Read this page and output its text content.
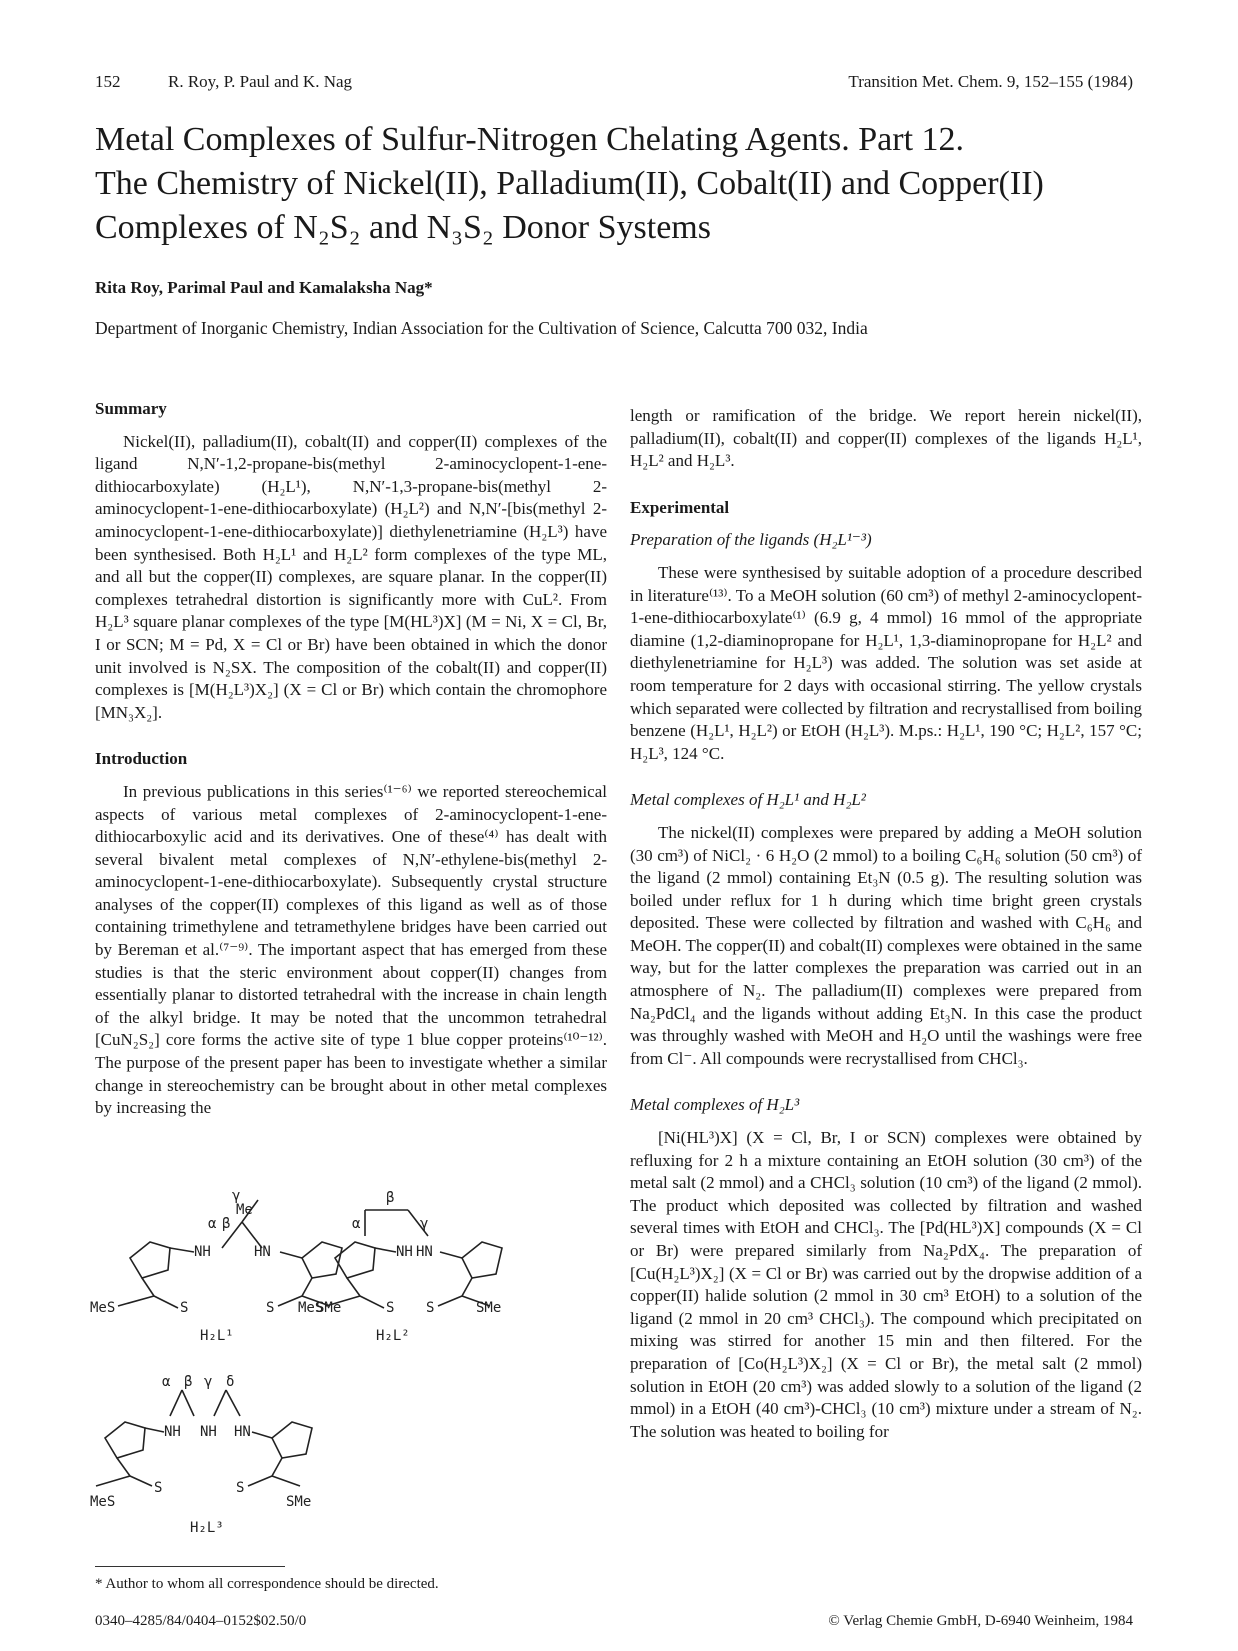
152	R. Roy, P. Paul and K. Nag	Transition Met. Chem. 9, 152–155 (1984)
Metal Complexes of Sulfur-Nitrogen Chelating Agents. Part 12.
The Chemistry of Nickel(II), Palladium(II), Cobalt(II) and Copper(II)
Complexes of N₂S₂ and N₃S₂ Donor Systems
Rita Roy, Parimal Paul and Kamalaksha Nag*
Department of Inorganic Chemistry, Indian Association for the Cultivation of Science, Calcutta 700 032, India

Summary

Nickel(II), palladium(II), cobalt(II) and copper(II) complexes of the ligand N,N′-1,2-propane-bis(methyl 2-aminocyclopent-1-ene-dithiocarboxylate) (H₂L¹), N,N′-1,3-propane-bis(methyl 2-aminocyclopent-1-ene-dithiocarboxylate) (H₂L²) and N,N′-[bis(methyl 2-aminocyclopent-1-ene-dithiocarboxylate)] diethylenetriamine (H₂L³) have been synthesised. Both H₂L¹ and H₂L² form complexes of the type ML, and all but the copper(II) complexes, are square planar. In the copper(II) complexes tetrahedral distortion is significantly more with CuL². From H₂L³ square planar complexes of the type [M(HL³)X] (M = Ni, X = Cl, Br, I or SCN; M = Pd, X = Cl or Br) have been obtained in which the donor unit involved is N₂SX. The composition of the cobalt(II) and copper(II) complexes is [M(H₂L³)X₂] (X = Cl or Br) which contain the chromophore [MN₃X₂].

Introduction

In previous publications in this series⁽¹⁻⁶⁾ we reported stereochemical aspects of various metal complexes of 2-aminocyclopent-1-ene-dithiocarboxylic acid and its derivatives. One of these⁽⁴⁾ has dealt with several bivalent metal complexes of N,N′-ethylene-bis(methyl 2-aminocyclopent-1-ene-dithiocarboxylate). Subsequently crystal structure analyses of the copper(II) complexes of this ligand as well as of those containing trimethylene and tetramethylene bridges have been carried out by Bereman et al.⁽⁷⁻⁹⁾. The important aspect that has emerged from these studies is that the steric environment about copper(II) changes from essentially planar to distorted tetrahedral with the increase in chain length of the alkyl bridge. It may be noted that the uncommon tetrahedral [CuN₂S₂] core forms the active site of type 1 blue copper proteins⁽¹⁰⁻¹²⁾. The purpose of the present paper has been to investigate whether a similar change in stereochemistry can be brought about in other metal complexes by increasing the

γ
Me
α β
NH	HN
S	S
MeS	SMe
H₂L¹
β
α	γ
NH HN
S S
MeS	SMe
H₂L²
α β γ δ
NH NH HN
S	S
MeS	SMe
H₂L³
* Author to whom all correspondence should be directed.
0340–4285/84/0404–0152$02.50/0	© Verlag Chemie GmbH, D-6940 Weinheim, 1984

length or ramification of the bridge. We report herein nickel(II), palladium(II), cobalt(II) and copper(II) complexes of the ligands H₂L¹, H₂L² and H₂L³.

Experimental

Preparation of the ligands (H₂L¹⁻³)

These were synthesised by suitable adoption of a procedure described in literature⁽¹³⁾. To a MeOH solution (60 cm³) of methyl 2-aminocyclopent-1-ene-dithiocarboxylate⁽¹⁾ (6.9 g, 4 mmol) 16 mmol of the appropriate diamine (1,2-diaminopropane for H₂L¹, 1,3-diaminopropane for H₂L² and diethylenetriamine for H₂L³) was added. The solution was set aside at room temperature for 2 days with occasional stirring. The yellow crystals which separated were collected by filtration and recrystallised from boiling benzene (H₂L¹, H₂L²) or EtOH (H₂L³). M.ps.: H₂L¹, 190 °C; H₂L², 157 °C; H₂L³, 124 °C.

Metal complexes of H₂L¹ and H₂L²

The nickel(II) complexes were prepared by adding a MeOH solution (30 cm³) of NiCl₂ · 6 H₂O (2 mmol) to a boiling C₆H₆ solution (50 cm³) of the ligand (2 mmol) containing Et₃N (0.5 g). The resulting solution was boiled under reflux for 1 h during which time bright green crystals deposited. These were collected by filtration and washed with C₆H₆ and MeOH. The copper(II) and cobalt(II) complexes were obtained in the same way, but for the latter complexes the preparation was carried out in an atmosphere of N₂. The palladium(II) complexes were prepared from Na₂PdCl₄ and the ligands without adding Et₃N. In this case the product was throughly washed with MeOH and H₂O until the washings were free from Cl⁻. All compounds were recrystallised from CHCl₃.

Metal complexes of H₂L³

[Ni(HL³)X] (X = Cl, Br, I or SCN) complexes were obtained by refluxing for 2 h a mixture containing an EtOH solution (30 cm³) of the metal salt (2 mmol) and a CHCl₃ solution (10 cm³) of the ligand (2 mmol). The product which deposited was collected by filtration and washed several times with EtOH and CHCl₃. The [Pd(HL³)X] compounds (X = Cl or Br) were prepared similarly from Na₂PdX₄. The preparation of [Cu(H₂L³)X₂] (X = Cl or Br) was carried out by the dropwise addition of a copper(II) halide solution (2 mmol in 30 cm³ EtOH) to a solution of the ligand (2 mmol in 20 cm³ CHCl₃). The compound which precipitated on mixing was stirred for another 15 min and then filtered. For the preparation of [Co(H₂L³)X₂] (X = Cl or Br), the metal salt (2 mmol) solution in EtOH (20 cm³) was added slowly to a solution of the ligand (2 mmol) in a EtOH (40 cm³)-CHCl₃ (10 cm³) mixture under a stream of N₂. The solution was heated to boiling for
